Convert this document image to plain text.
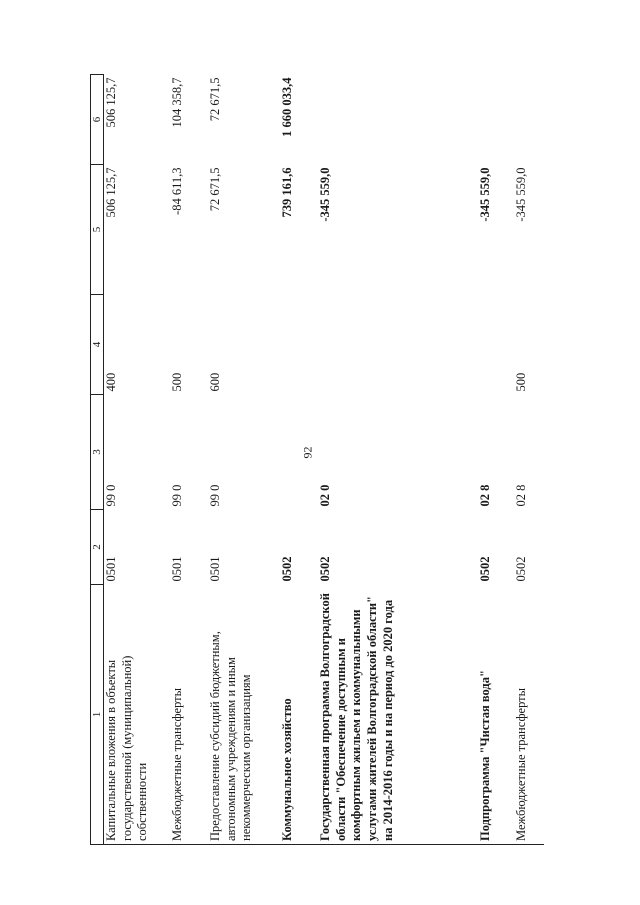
92
1	2	3	4	5	6
Капитальные вложения в объекты государственной (муниципальной) собственности	0501	99 0	400	506 125,7	506 125,7
Межбюджетные трансферты	0501	99 0	500	-84 611,3	104 358,7
Предоставление субсидий бюджетным, автономным учреждениям и иным некоммерческим организациям	0501	99 0	600	72 671,5	72 671,5
Коммунальное хозяйство	0502			739 161,6	1 660 033,4
Государственная программа Волгоградской области "Обеспечение доступным и комфортным жильем и коммунальными услугами жителей Волгоградской области" на 2014-2016 годы и на период до 2020 года	0502	02 0		-345 559,0	
Подпрограмма "Чистая вода"	0502	02 8		-345 559,0	
Межбюджетные трансферты	0502	02 8	500	-345 559,0	
